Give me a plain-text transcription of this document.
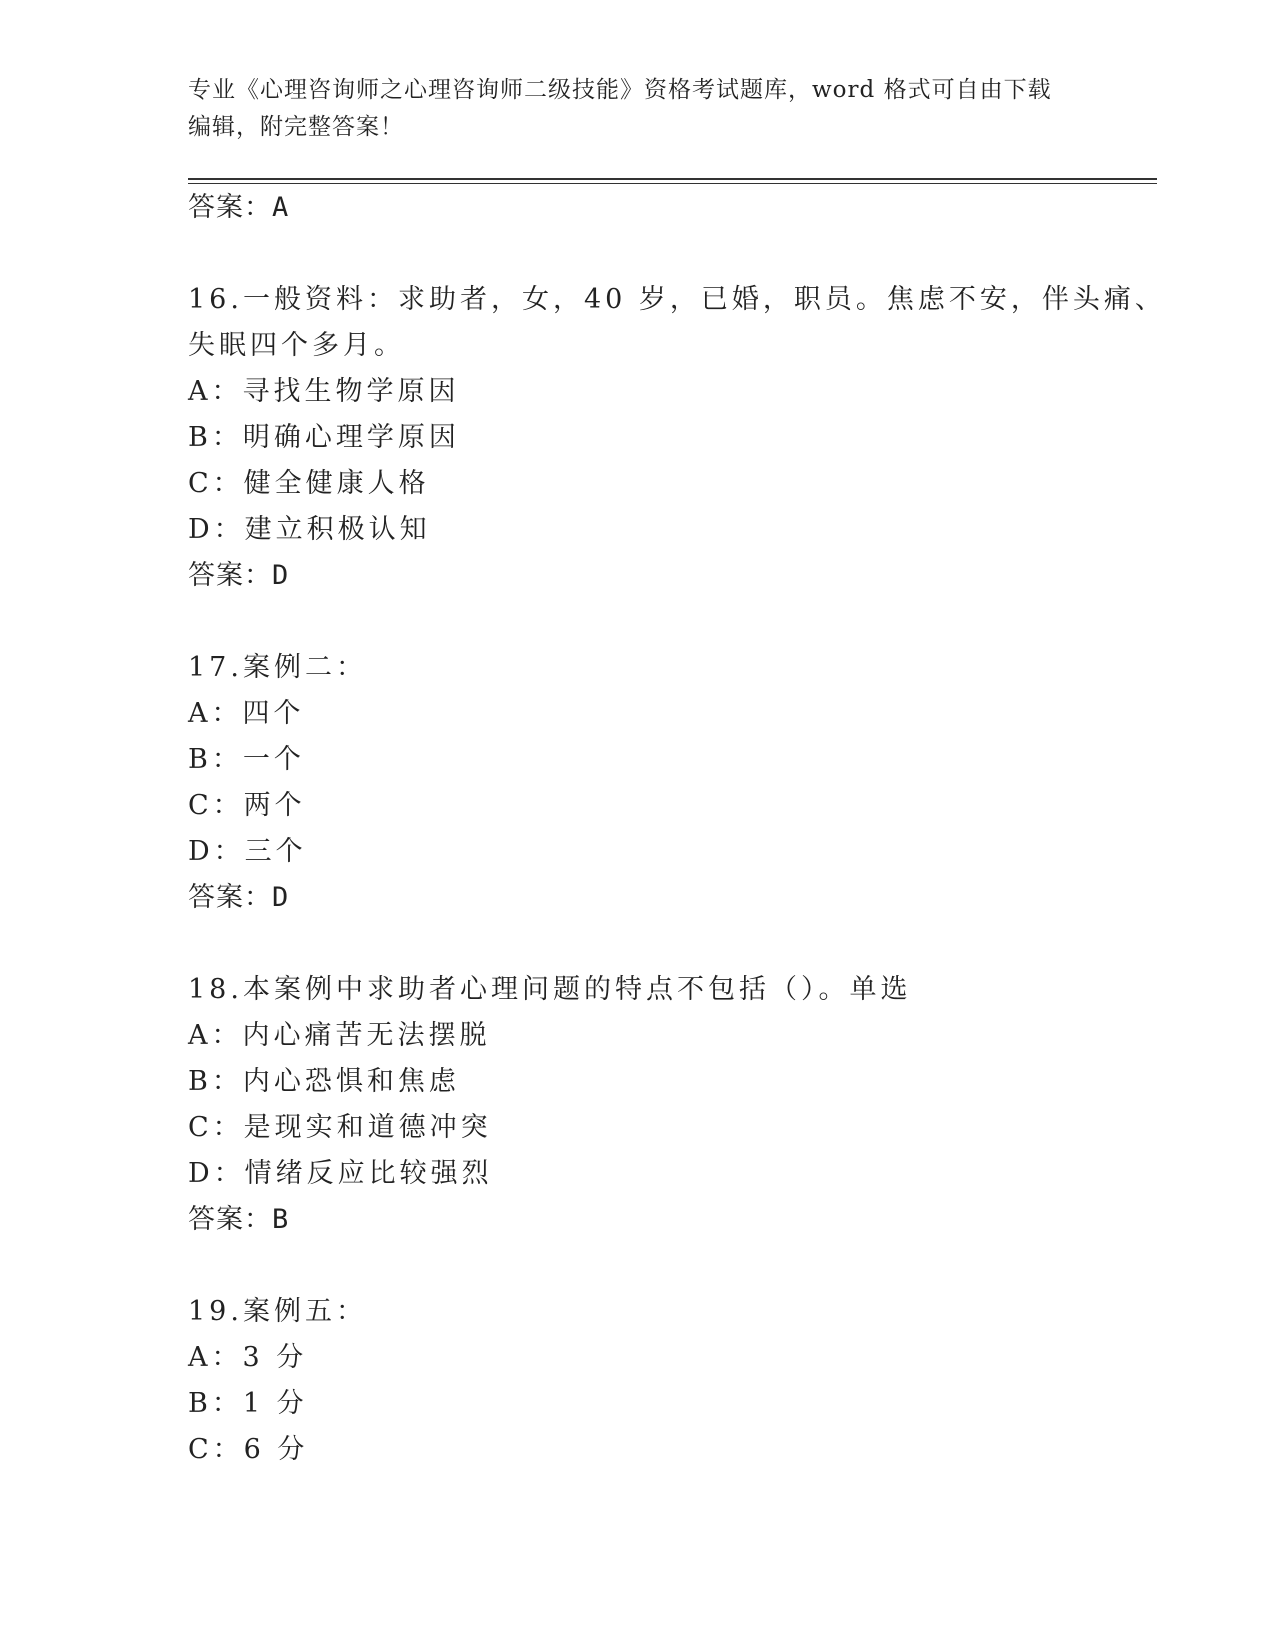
专业《心理咨询师之心理咨询师二级技能》资格考试题库，word 格式可自由下载
编辑，附完整答案！
答案：A
16.一般资料：求助者，女，40 岁，已婚，职员。焦虑不安，伴头痛、
失眠四个多月。
A：寻找生物学原因
B：明确心理学原因
C：健全健康人格
D：建立积极认知
答案：D
17.案例二：
A：四个
B：一个
C：两个
D：三个
答案：D
18.本案例中求助者心理问题的特点不包括（）。单选
A：内心痛苦无法摆脱
B：内心恐惧和焦虑
C：是现实和道德冲突
D：情绪反应比较强烈
答案：B
19.案例五：
A：3 分
B：1 分
C：6 分
